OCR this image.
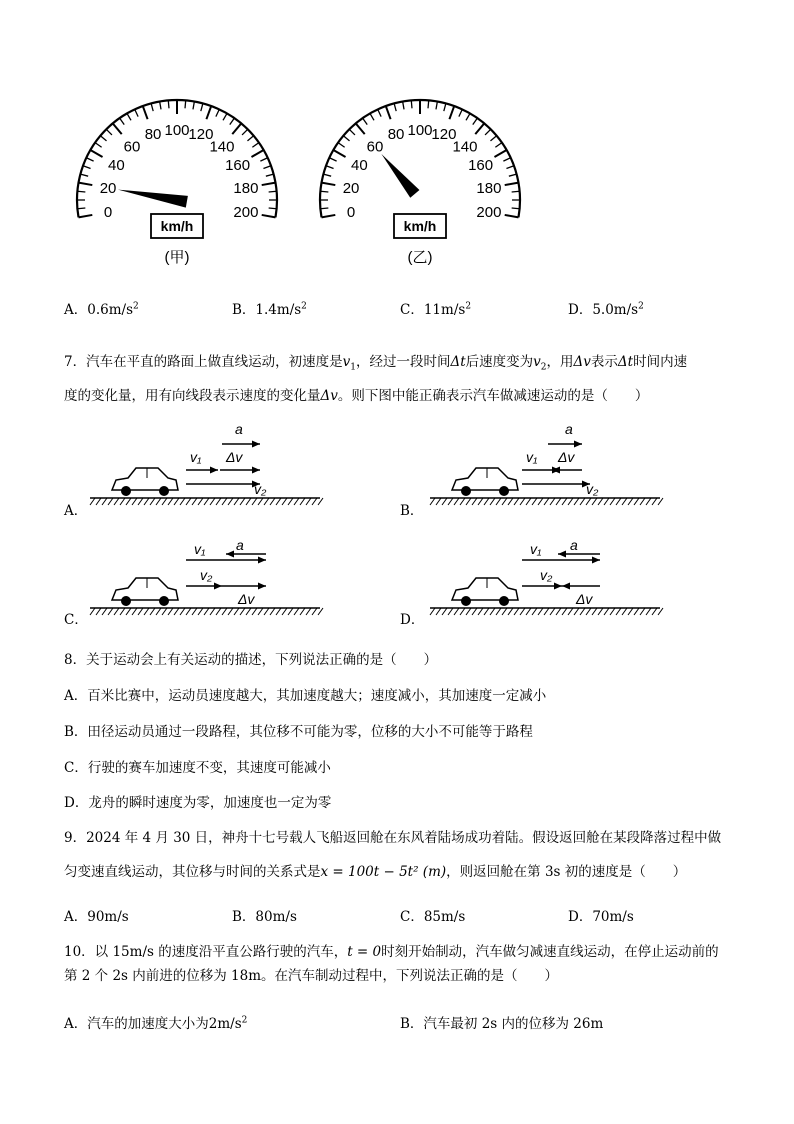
0
20
40
60
80 100
120
140
160
180
200
km/h
(甲)
0
20
40
60
80 100
120
140
160
180
200
km/h
(乙)
A．$0.6m/s^2$	B．$1.4m/s^2$	C．$11m/s^2$	D．$5.0m/s^2$
7．汽车在平直的路面上做直线运动，初速度是$v_1$，经过一段时间Δt后速度变为$v_2$，用Δv表示Δt时间内速
度的变化量，用有向线段表示速度的变化量Δv。则下图中能正确表示汽车做减速运动的是（　　）
A．	B．
C．	D．
a
v₁ Δv
v₂
a
v₁ Δv
v₂
v₁ a
v₂
Δv
v₁ a
v₂
Δv
8．关于运动会上有关运动的描述，下列说法正确的是（　　）
A．百米比赛中，运动员速度越大，其加速度越大；速度减小，其加速度一定减小
B．田径运动员通过一段路程，其位移不可能为零，位移的大小不可能等于路程
C．行驶的赛车加速度不变，其速度可能减小
D．龙舟的瞬时速度为零，加速度也一定为零
9．2024 年 4 月 30 日，神舟十七号载人飞船返回舱在东风着陆场成功着陆。假设返回舱在某段降落过程中做
匀变速直线运动，其位移与时间的关系式是x = 100t − 5t² (m)，则返回舱在第 3s 初的速度是（　　）
A．90m/s	B．80m/s	C．85m/s	D．70m/s
10．以 15m/s 的速度沿平直公路行驶的汽车，t = 0时刻开始制动，汽车做匀减速直线运动，在停止运动前的
第 2 个 2s 内前进的位移为 18m。在汽车制动过程中，下列说法正确的是（　　）
A．汽车的加速度大小为$2m/s^2$	B．汽车最初 2s 内的位移为 26m
